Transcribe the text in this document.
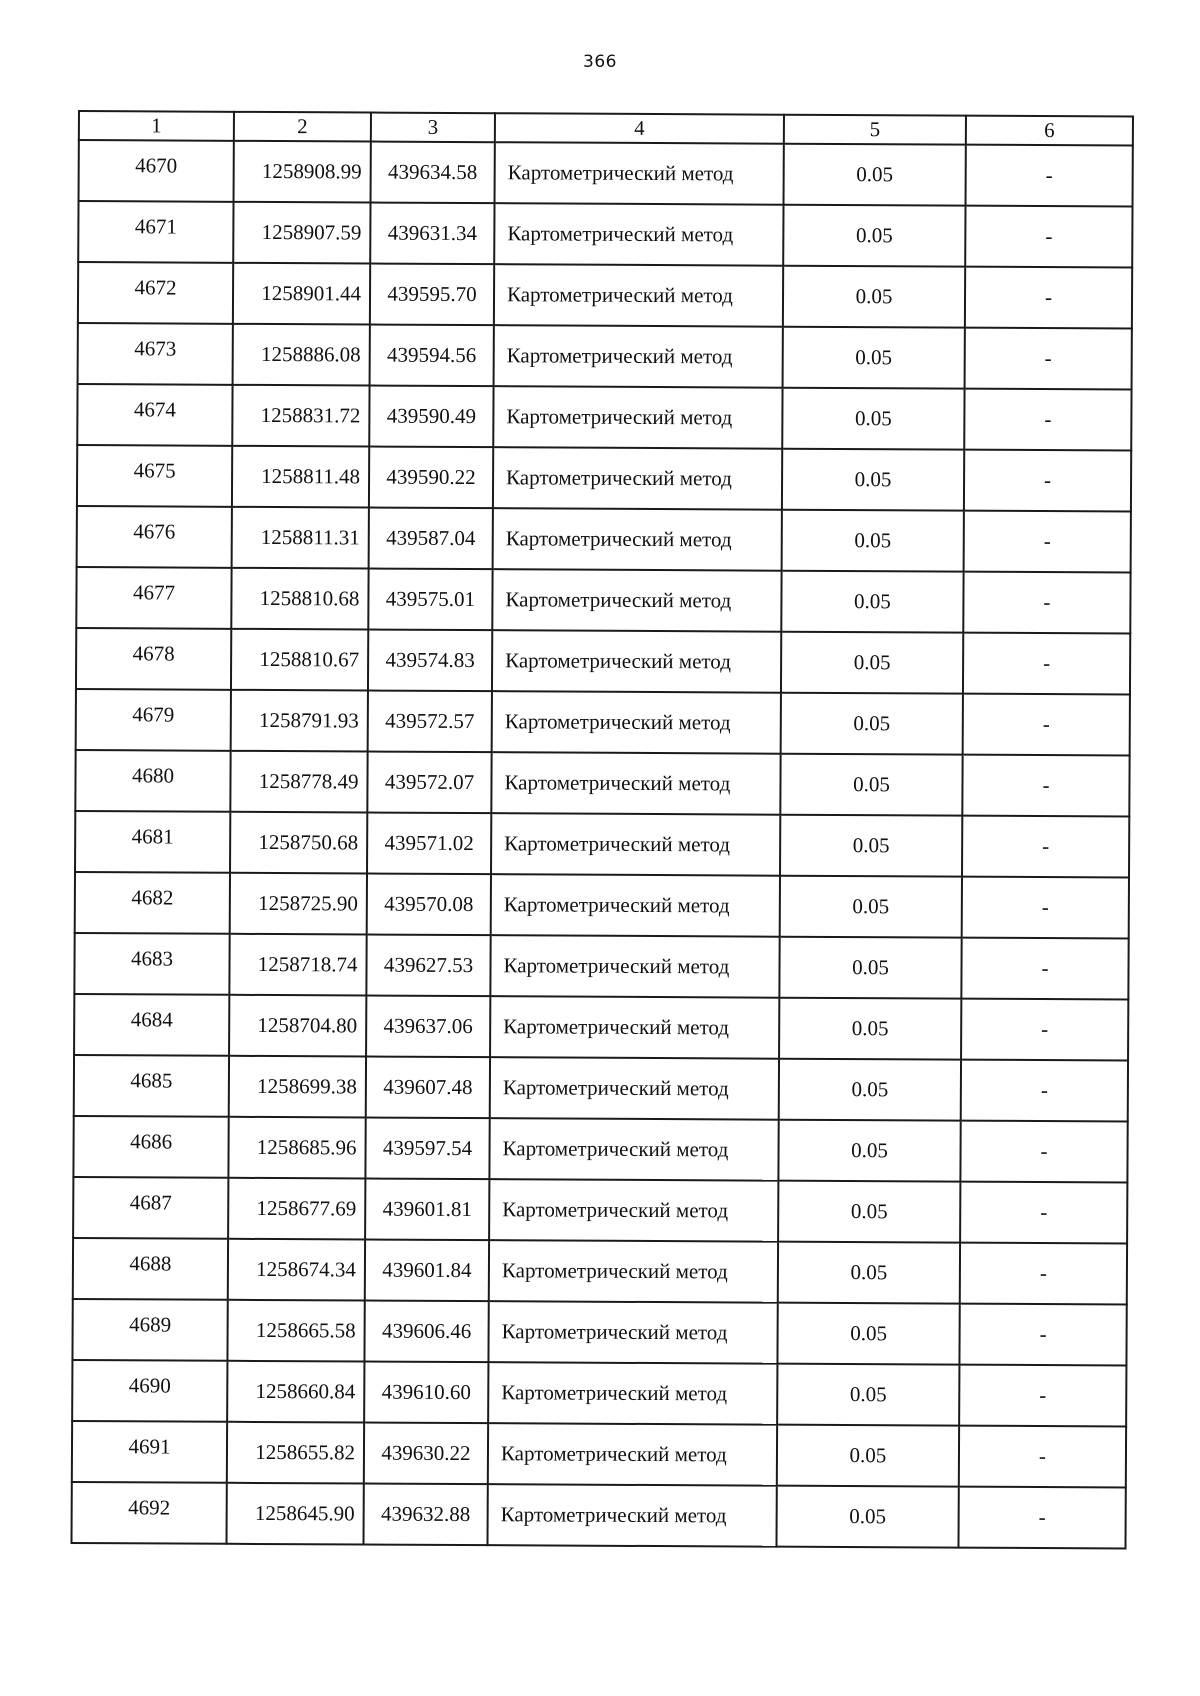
366
1	2	3	4	5	6
4670	1258908.99	439634.58	Картометрический метод	0.05	-
4671	1258907.59	439631.34	Картометрический метод	0.05	-
4672	1258901.44	439595.70	Картометрический метод	0.05	-
4673	1258886.08	439594.56	Картометрический метод	0.05	-
4674	1258831.72	439590.49	Картометрический метод	0.05	-
4675	1258811.48	439590.22	Картометрический метод	0.05	-
4676	1258811.31	439587.04	Картометрический метод	0.05	-
4677	1258810.68	439575.01	Картометрический метод	0.05	-
4678	1258810.67	439574.83	Картометрический метод	0.05	-
4679	1258791.93	439572.57	Картометрический метод	0.05	-
4680	1258778.49	439572.07	Картометрический метод	0.05	-
4681	1258750.68	439571.02	Картометрический метод	0.05	-
4682	1258725.90	439570.08	Картометрический метод	0.05	-
4683	1258718.74	439627.53	Картометрический метод	0.05	-
4684	1258704.80	439637.06	Картометрический метод	0.05	-
4685	1258699.38	439607.48	Картометрический метод	0.05	-
4686	1258685.96	439597.54	Картометрический метод	0.05	-
4687	1258677.69	439601.81	Картометрический метод	0.05	-
4688	1258674.34	439601.84	Картометрический метод	0.05	-
4689	1258665.58	439606.46	Картометрический метод	0.05	-
4690	1258660.84	439610.60	Картометрический метод	0.05	-
4691	1258655.82	439630.22	Картометрический метод	0.05	-
4692	1258645.90	439632.88	Картометрический метод	0.05	-
